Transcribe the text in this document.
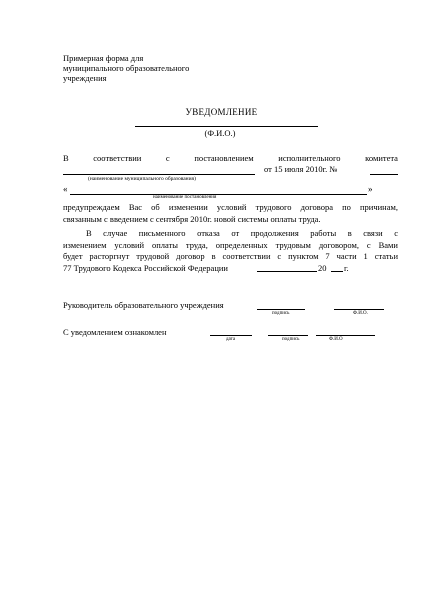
Примерная форма для
муниципального образовательного
учреждения
УВЕДОМЛЕНИЕ
(Ф.И.О.)
В	соответствии	с	постановлением	исполнительного	комитета
от 15 июля 2010г. №
(наименование муниципального образования)
«	»
наименование постановления
предупреждаем Вас об изменении условий трудового договора по причинам,
связанным с введением с сентября 2010г. новой системы оплаты труда.
В случае письменного отказа от продолжения работы в связи с
изменением условий оплаты труда, определенных трудовым договором, с Вами
будет расторгнут трудовой договор в соответствии с пунктом 7 части 1 статьи
77 Трудового Кодекса Российской Федерации	20 г.
Руководитель образовательного учреждения
подпись	Ф.И.О.
С уведомлением ознакомлен
дата	подпись	Ф.И.О
